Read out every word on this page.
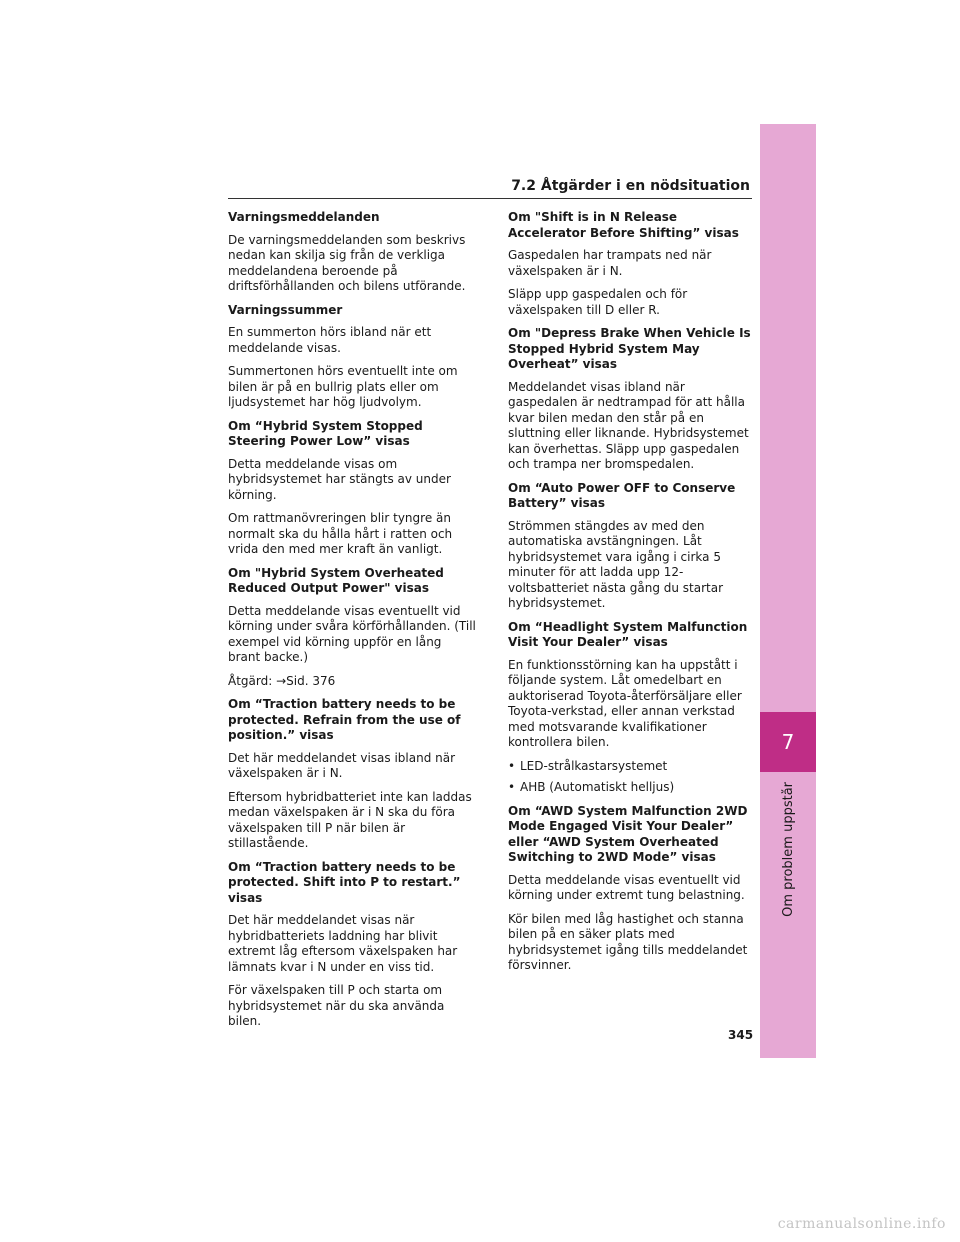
7
Om problem uppstår
7.2 Åtgärder i en nödsituation
Varningsmeddelanden

De varningsmeddelanden som beskrivs nedan kan skilja sig från de verkliga meddelandena beroende på driftsförhållanden och bilens utförande.

Varningssummer

En summerton hörs ibland när ett meddelande visas.

Summertonen hörs eventuellt inte om bilen är på en bullrig plats eller om ljudsystemet har hög ljudvolym.

Om “Hybrid System Stopped Steering Power Low” visas

Detta meddelande visas om hybridsystemet har stängts av under körning.

Om rattmanövreringen blir tyngre än normalt ska du hålla hårt i ratten och vrida den med mer kraft än vanligt.

Om "Hybrid System Overheated Reduced Output Power" visas

Detta meddelande visas eventuellt vid körning under svåra körförhållanden. (Till exempel vid körning uppför en lång brant backe.)

Åtgärd: →Sid. 376

Om “Traction battery needs to be protected. Refrain from the use of position.” visas

Det här meddelandet visas ibland när växelspaken är i N.

Eftersom hybridbatteriet inte kan laddas medan växelspaken är i N ska du föra växelspaken till P när bilen är stillastående.

Om “Traction battery needs to be protected. Shift into P to restart.” visas

Det här meddelandet visas när hybridbatteriets laddning har blivit extremt låg eftersom växelspaken har lämnats kvar i N under en viss tid.

För växelspaken till P och starta om hybridsystemet när du ska använda bilen.

Om "Shift is in N Release Accelerator Before Shifting” visas

Gaspedalen har trampats ned när växelspaken är i N.

Släpp upp gaspedalen och för växelspaken till D eller R.

Om "Depress Brake When Vehicle Is Stopped Hybrid System May Overheat” visas

Meddelandet visas ibland när gaspedalen är nedtrampad för att hålla kvar bilen medan den står på en sluttning eller liknande. Hybridsystemet kan överhettas. Släpp upp gaspedalen och trampa ner bromspedalen.

Om “Auto Power OFF to Conserve Battery” visas

Strömmen stängdes av med den automatiska avstängningen. Låt hybridsystemet vara igång i cirka 5 minuter för att ladda upp 12-voltsbatteriet nästa gång du startar hybridsystemet.

Om “Headlight System Malfunction Visit Your Dealer” visas

En funktionsstörning kan ha uppstått i följande system. Låt omedelbart en auktoriserad Toyota-återförsäljare eller Toyota-verkstad, eller annan verkstad med motsvarande kvalifikationer kontrollera bilen.

• LED-strålkastarsystemet
• AHB (Automatiskt helljus)
Om “AWD System Malfunction 2WD Mode Engaged Visit Your Dealer” eller “AWD System Overheated Switching to 2WD Mode” visas

Detta meddelande visas eventuellt vid körning under extremt tung belastning.

Kör bilen med låg hastighet och stanna bilen på en säker plats med hybridsystemet igång tills meddelandet försvinner.

345
carmanualsonline.info
